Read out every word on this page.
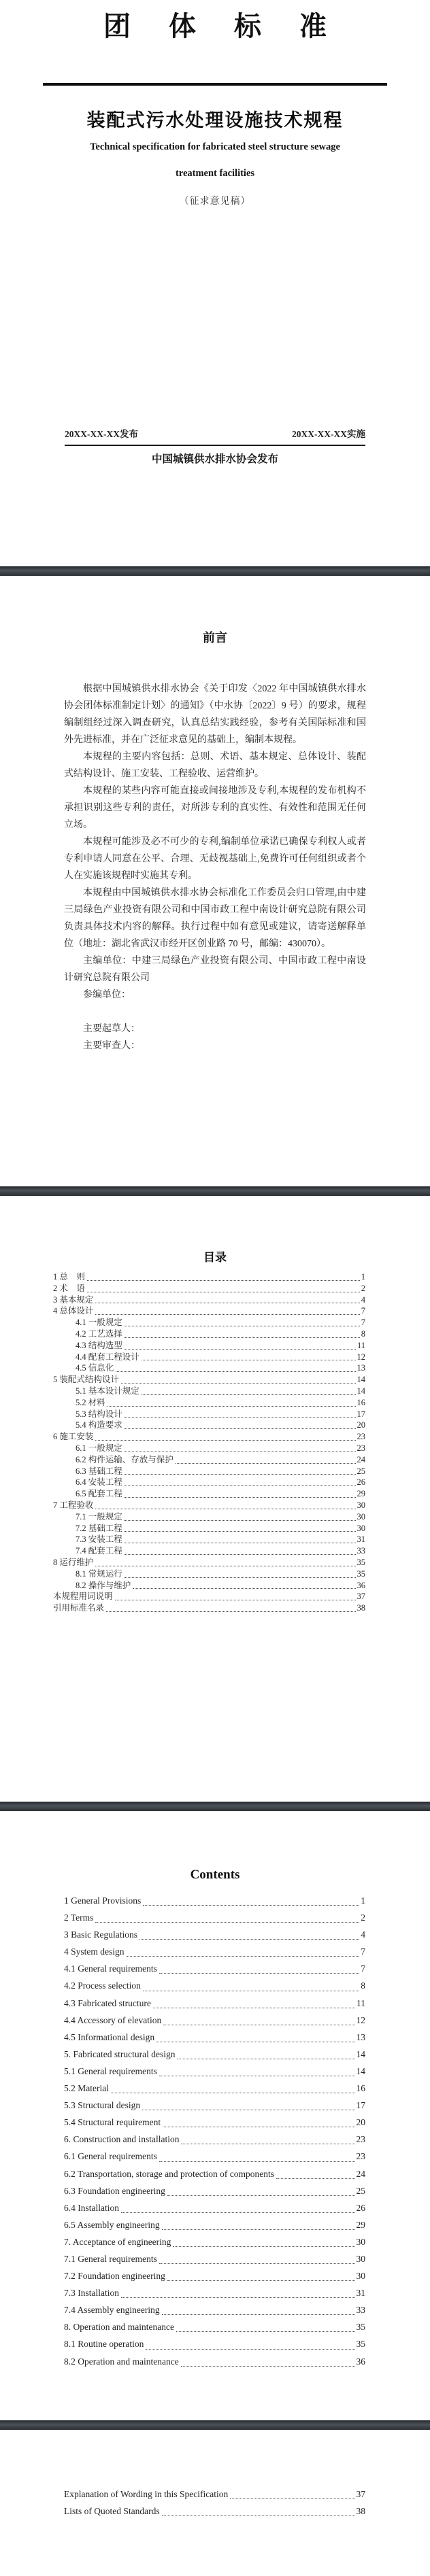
团体标准
装配式污水处理设施技术规程
Technical specification for fabricated steel structure sewage
treatment facilities
（征求意见稿）
20XX-XX-XX发布	20XX-XX-XX实施
中国城镇供水排水协会发布
前言

根据中国城镇供水排水协会《关于印发〈2022 年中国城镇供水排水协会团体标准制定计划〉的通知》（中水协〔2022〕9 号）的要求，规程编制组经过深入调查研究，认真总结实践经验，参考有关国际标准和国外先进标准，并在广泛征求意见的基础上，编制本规程。

本规程的主要内容包括：总则、术语、基本规定、总体设计、装配式结构设计、施工安装、工程验收、运营维护。

本规程的某些内容可能直接或间接地涉及专利,本规程的发布机构不承担识别这些专利的责任，对所涉专利的真实性、有效性和范围无任何立场。

本规程可能涉及必不可少的专利,编制单位承诺已确保专利权人或者专利申请人同意在公平、合理、无歧视基础上,免费许可任何组织或者个人在实施该规程时实施其专利。

本规程由中国城镇供水排水协会标准化工作委员会归口管理,由中建三局绿色产业投资有限公司和中国市政工程中南设计研究总院有限公司负责具体技术内容的解释。执行过程中如有意见或建议，请寄送解释单位（地址：湖北省武汉市经开区创业路 70 号，邮编：430070）。

主编单位：中建三局绿色产业投资有限公司、中国市政工程中南设计研究总院有限公司

参编单位：

主要起草人：

主要审查人：

目录
1 总　则	1
2 术　语	2
3 基本规定	4
4 总体设计	7
4.1 一般规定	7
4.2 工艺选择	8
4.3 结构选型	11
4.4 配套工程设计	12
4.5 信息化	13
5 装配式结构设计	14
5.1 基本设计规定	14
5.2 材料	16
5.3 结构设计	17
5.4 构造要求	20
6 施工安装	23
6.1 一般规定	23
6.2 构件运输、存放与保护	24
6.3 基础工程	25
6.4 安装工程	26
6.5 配套工程	29
7 工程验收	30
7.1 一般规定	30
7.2 基础工程	30
7.3 安装工程	31
7.4 配套工程	33
8 运行维护	35
8.1 常规运行	35
8.2 操作与维护	36
本规程用词说明	37
引用标准名录	38
Contents
1 General Provisions	1
2 Terms	2
3 Basic Regulations	4
4 System design	7
4.1 General requirements	7
4.2 Process selection	8
4.3 Fabricated structure	11
4.4 Accessory of elevation	12
4.5 Informational design	13
5. Fabricated structural design	14
5.1 General requirements	14
5.2 Material	16
5.3 Structural design	17
5.4 Structural requirement	20
6. Construction and installation	23
6.1 General requirements	23
6.2 Transportation, storage and protection of components	24
6.3 Foundation engineering	25
6.4 Installation	26
6.5 Assembly engineering	29
7. Acceptance of engineering	30
7.1 General requirements	30
7.2 Foundation engineering	30
7.3 Installation	31
7.4 Assembly engineering	33
8. Operation and maintenance	35
8.1 Routine operation	35
8.2 Operation and maintenance	36
Explanation of Wording in this Specification	37
Lists of Quoted Standards	38
